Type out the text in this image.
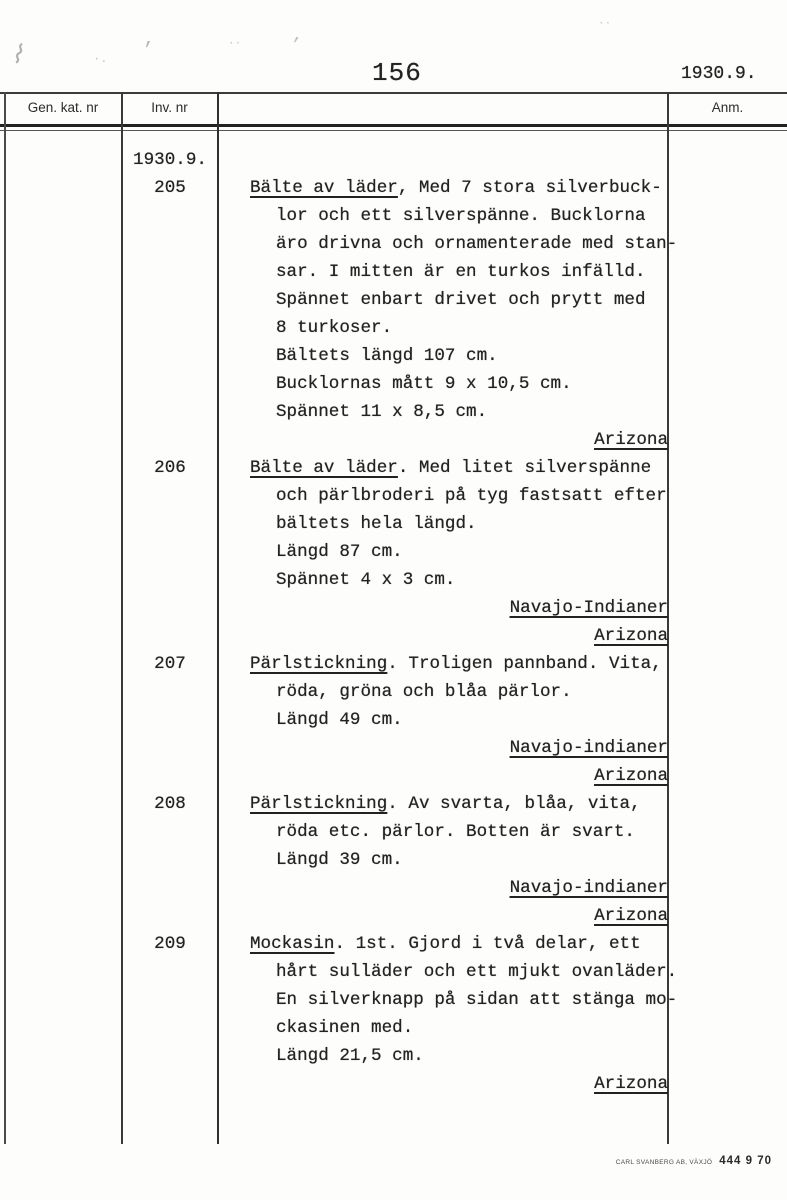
⌇	’	’
·.
··
··
156	1930.9.
Gen. kat. nr	Inv. nr	Anm.
1930.9.
205	Bälte av läder, Med 7 stora silverbuck-
lor och ett silverspänne. Bucklorna
äro drivna och ornamenterade med stan-
sar. I mitten är en turkos infälld.
Spännet enbart drivet och prytt med
8 turkoser.
Bältets längd 107 cm.
Bucklornas mått 9 x 10,5 cm.
Spännet 11 x 8,5 cm.
Arizona
206	Bälte av läder. Med litet silverspänne
och pärlbroderi på tyg fastsatt efter
bältets hela längd.
Längd 87 cm.
Spännet 4 x 3 cm.
Navajo-Indianer
Arizona
207	Pärlstickning. Troligen pannband. Vita,
röda, gröna och blåa pärlor.
Längd 49 cm.
Navajo-indianer
Arizona
208	Pärlstickning. Av svarta, blåa, vita,
röda etc. pärlor. Botten är svart.
Längd 39 cm.
Navajo-indianer
Arizona
209	Mockasin. 1st. Gjord i två delar, ett
hårt sulläder och ett mjukt ovanläder.
En silverknapp på sidan att stänga mo-
ckasinen med.
Längd 21,5 cm.
Arizona
CARL SVANBERG AB, VÄXJÖ 444 9 70
